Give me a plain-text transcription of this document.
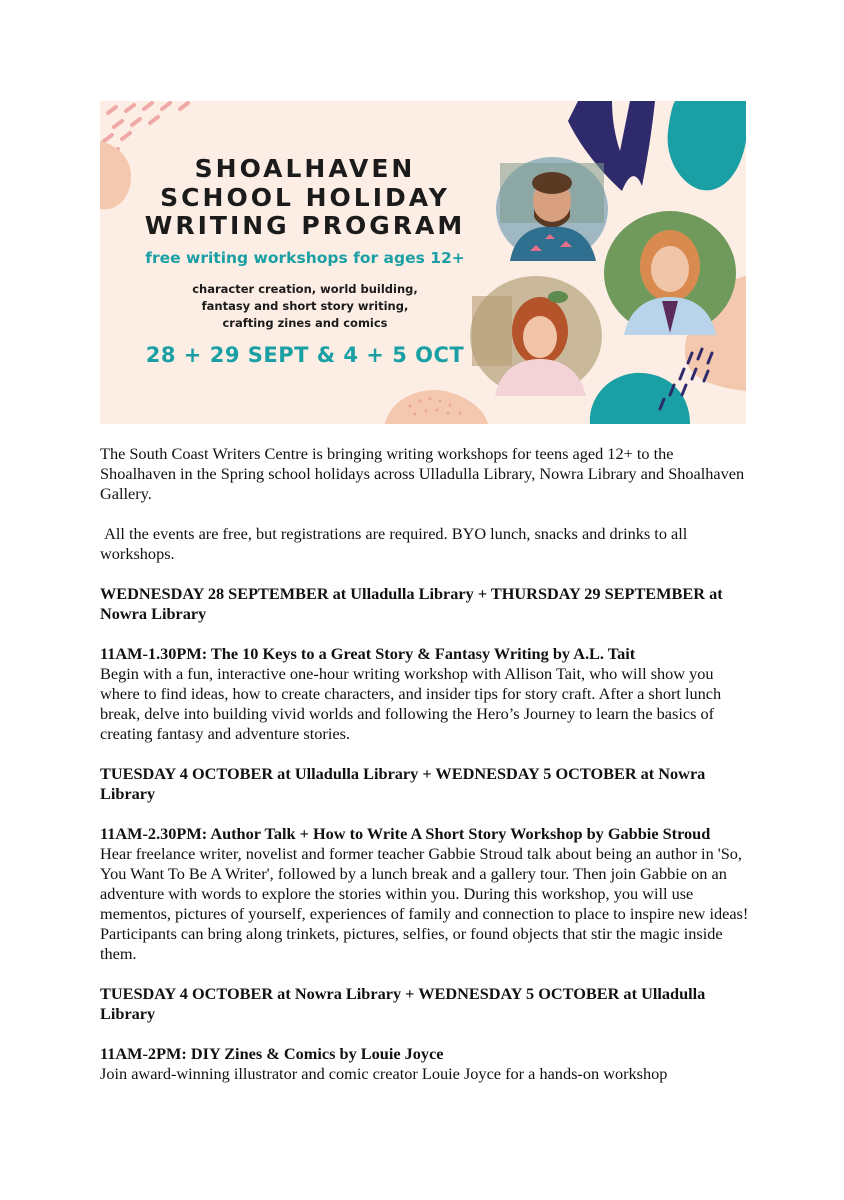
SHOALHAVEN
SCHOOL HOLIDAY
WRITING PROGRAM
free writing workshops for ages 12+
character creation, world building,
fantasy and short story writing,
crafting zines and comics
28 + 29 SEPT & 4 + 5 OCT

The South Coast Writers Centre is bringing writing workshops for teens aged 12+ to the Shoalhaven in the Spring school holidays across Ulladulla Library, Nowra Library and Shoalhaven Gallery.

All the events are free, but registrations are required. BYO lunch, snacks and drinks to all workshops.

WEDNESDAY 28 SEPTEMBER at Ulladulla Library + THURSDAY 29 SEPTEMBER at Nowra Library

11AM-1.30PM: The 10 Keys to a Great Story & Fantasy Writing by A.L. Tait

Begin with a fun, interactive one-hour writing workshop with Allison Tait, who will show you where to find ideas, how to create characters, and insider tips for story craft. After a short lunch break, delve into building vivid worlds and following the Hero’s Journey to learn the basics of creating fantasy and adventure stories.

TUESDAY 4 OCTOBER at Ulladulla Library + WEDNESDAY 5 OCTOBER at Nowra Library

11AM-2.30PM: Author Talk + How to Write A Short Story Workshop by Gabbie Stroud

Hear freelance writer, novelist and former teacher Gabbie Stroud talk about being an author in 'So, You Want To Be A Writer', followed by a lunch break and a gallery tour. Then join Gabbie on an adventure with words to explore the stories within you. During this workshop, you will use mementos, pictures of yourself, experiences of family and connection to place to inspire new ideas! Participants can bring along trinkets, pictures, selfies, or found objects that stir the magic inside them.

TUESDAY 4 OCTOBER at Nowra Library + WEDNESDAY 5 OCTOBER at Ulladulla Library

11AM-2PM: DIY Zines & Comics by Louie Joyce

Join award-winning illustrator and comic creator Louie Joyce for a hands-on workshop
